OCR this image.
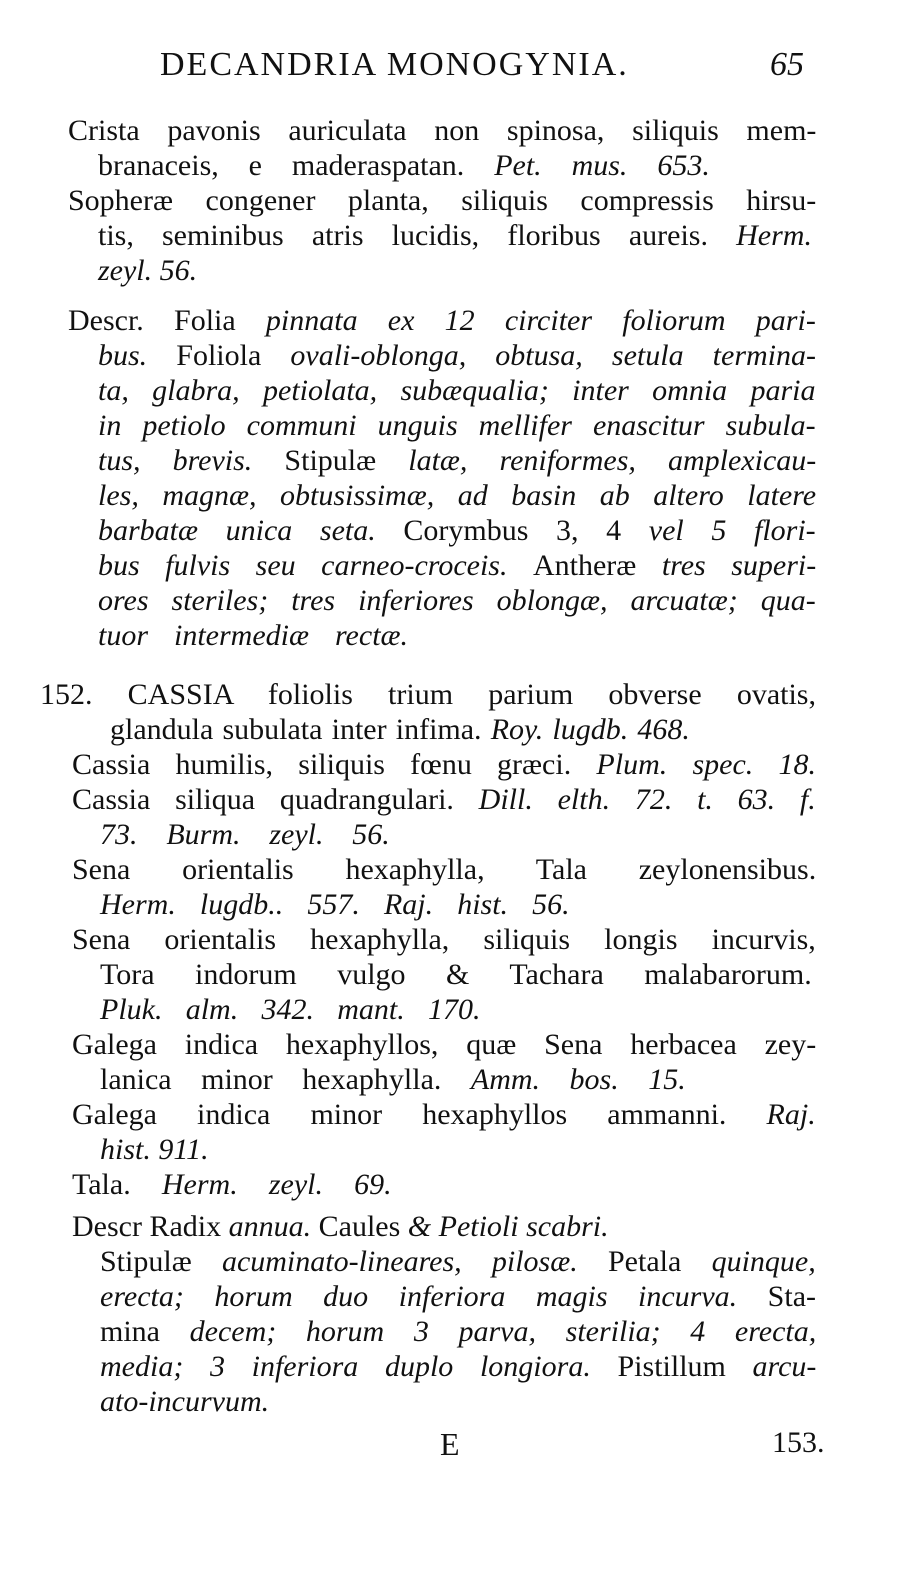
DECANDRIA MONOGYNIA.	65
Crista pavonis auriculata non spinosa, siliquis mem-
branaceis, e maderaspatan. Pet. mus. 653.
Sopheræ congener planta, siliquis compressis hirsu-
tis, seminibus atris lucidis, floribus aureis. Herm.
zeyl. 56.
Descr. Folia pinnata ex 12 circiter foliorum pari-
bus. Foliola ovali-oblonga, obtusa, setula termina-
ta, glabra, petiolata, subæqualia; inter omnia paria
in petiolo communi unguis mellifer enascitur subula-
tus, brevis. Stipulæ latæ, reniformes, amplexicau-
les, magnæ, obtusissimæ, ad basin ab altero latere
barbatæ unica seta. Corymbus 3, 4 vel 5 flori-
bus fulvis seu carneo-croceis. Antheræ tres superi-
ores steriles; tres inferiores oblongæ, arcuatæ; qua-
tuor intermediæ rectæ.
152. CASSIA foliolis trium parium obverse ovatis,
glandula subulata inter infima. Roy. lugdb. 468.
Cassia humilis, siliquis fœnu græci. Plum. spec. 18.
Cassia siliqua quadrangulari. Dill. elth. 72. t. 63. f.
73. Burm. zeyl. 56.
Sena orientalis hexaphylla, Tala zeylonensibus.
Herm. lugdb.. 557. Raj. hist. 56.
Sena orientalis hexaphylla, siliquis longis incurvis,
Tora indorum vulgo & Tachara malabarorum.
Pluk. alm. 342. mant. 170.
Galega indica hexaphyllos, quæ Sena herbacea zey-
lanica minor hexaphylla. Amm. bos. 15.
Galega indica minor hexaphyllos ammanni. Raj.
hist. 911.
Tala. Herm. zeyl. 69.
Descr Radix annua. Caules & Petioli scabri.
Stipulæ acuminato-lineares, pilosæ. Petala quinque,
erecta; horum duo inferiora magis incurva. Sta-
mina decem; horum 3 parva, sterilia; 4 erecta,
media; 3 inferiora duplo longiora. Pistillum arcu-
ato-incurvum.
E	153.
